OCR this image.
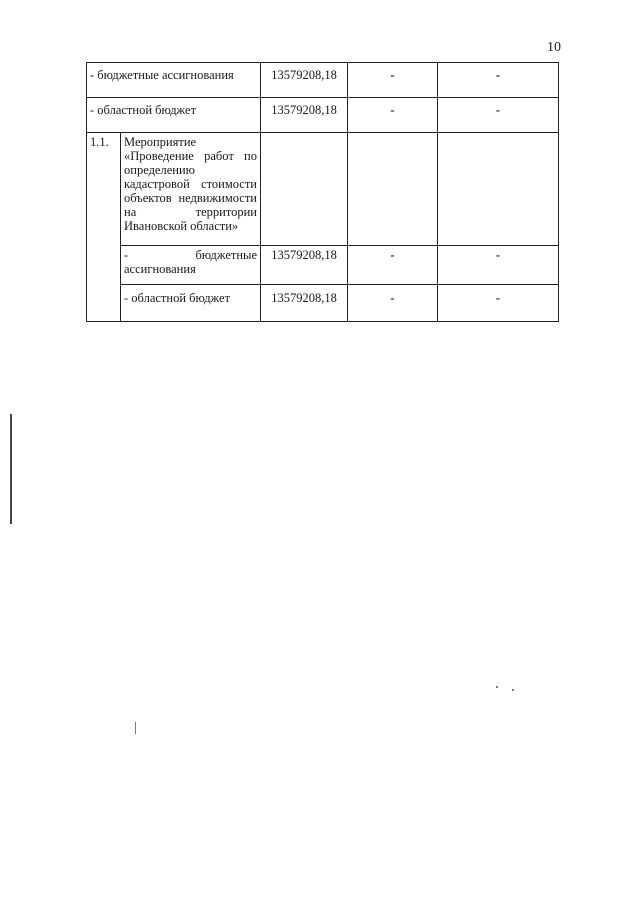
10
- бюджетные ассигнования		13579208,18	-	-
- областной бюджет		13579208,18	-	-
1.1.	Мероприятие «Проведение работ по определению кадастровой стоимости объектов недвижимости на территории Ивановской области»			
	- бюджетные ассигнования	13579208,18	-	-
	- областной бюджет	13579208,18	-	-
